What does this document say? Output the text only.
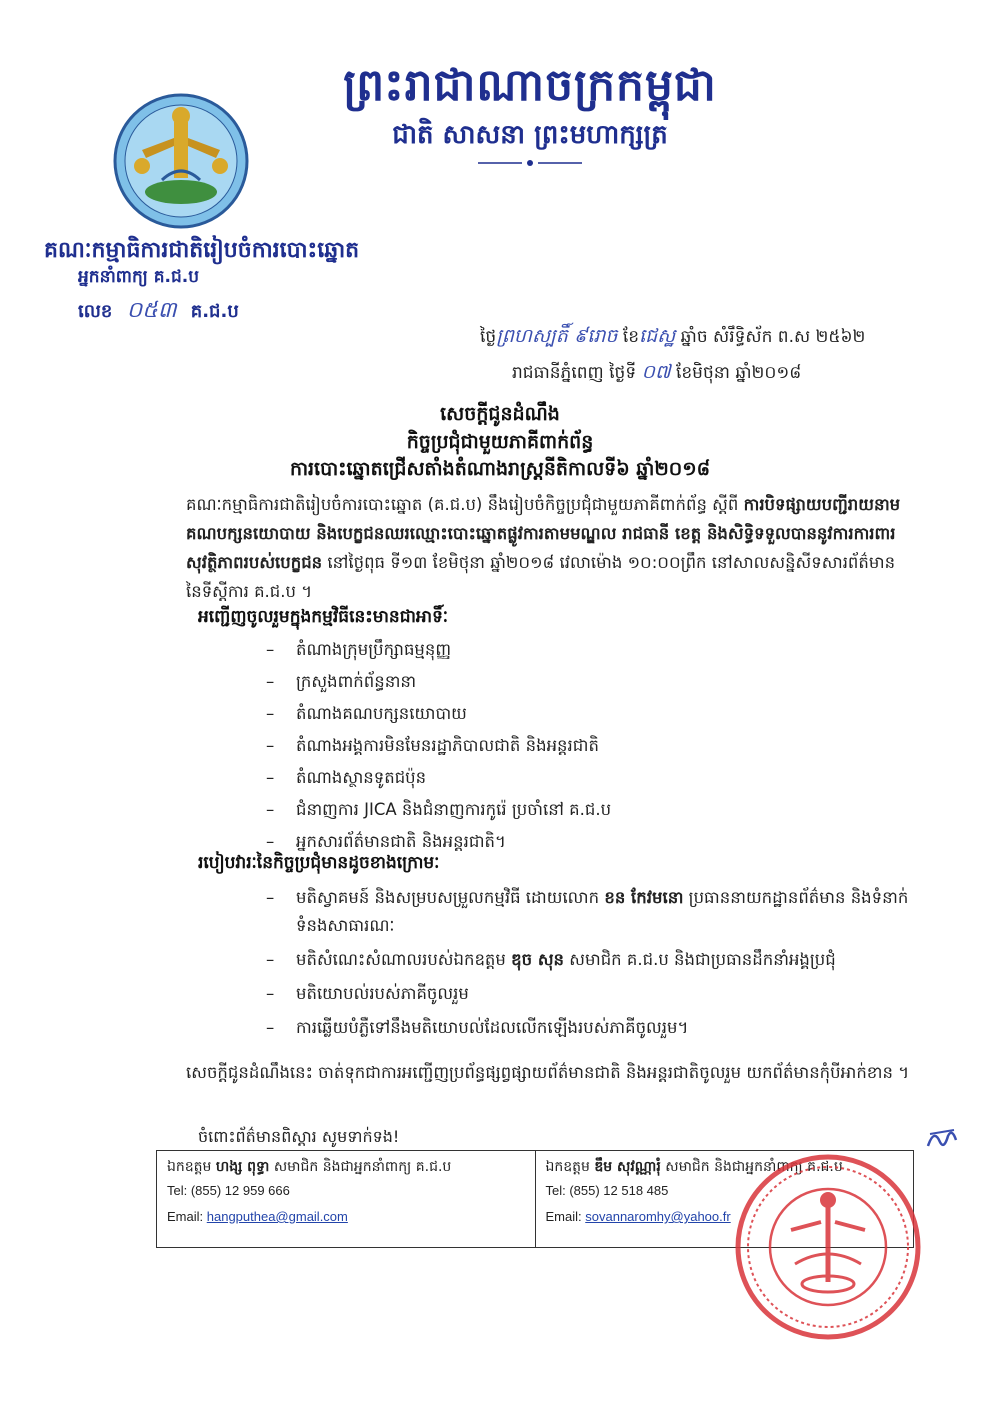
ព្រះរាជាណាចក្រកម្ពុជា
ជាតិ សាសនា ព្រះមហាក្សត្រ
គណៈកម្មាធិការជាតិរៀបចំការបោះឆ្នោត
អ្នកនាំពាក្យ គ.ជ.ប
លេខ ០៥៣ គ.ជ.ប
ថ្ងៃព្រហស្បតិ៍ ៩រោច ខែជេស្ឋ ឆ្នាំច សំរឹទ្ធិស័ក ព.ស ២៥៦២
រាជធានីភ្នំពេញ ថ្ងៃទី ០៧ ខែមិថុនា ឆ្នាំ២០១៨
សេចក្តីជូនដំណឹង
កិច្ចប្រជុំជាមួយភាគីពាក់ព័ន្ធ
ការបោះឆ្នោតជ្រើសតាំងតំណាងរាស្ត្រនីតិកាលទី៦ ឆ្នាំ២០១៨
គណៈកម្មាធិការជាតិរៀបចំការបោះឆ្នោត (គ.ជ.ប) នឹងរៀបចំកិច្ចប្រជុំជាមួយភាគីពាក់ព័ន្ធ ស្តីពី ការបិទផ្សាយបញ្ជីរាយនាមគណបក្សនយោបាយ និងបេក្ខជនឈរឈ្មោះបោះឆ្នោតផ្លូវការតាមមណ្ឌល រាជធានី ខេត្ត និងសិទ្ធិទទួលបាននូវការការពារសុវត្ថិភាពរបស់បេក្ខជន នៅថ្ងៃពុធ ទី១៣ ខែមិថុនា ឆ្នាំ២០១៨ វេលាម៉ោង ១០:០០ព្រឹក នៅសាលសន្និសីទសារព័ត៌មាន នៃទីស្តីការ គ.ជ.ប ។
អញ្ជើញចូលរួមក្នុងកម្មវិធីនេះមានជាអាទិ៍ៈ
– តំណាងក្រុមប្រឹក្សាធម្មនុញ្ញ
– ក្រសួងពាក់ព័ន្ធនានា
– តំណាងគណបក្សនយោបាយ
– តំណាងអង្គការមិនមែនរដ្ឋាភិបាលជាតិ និងអន្តរជាតិ
– តំណាងស្ថានទូតជប៉ុន
– ជំនាញការ JICA និងជំនាញការកូរ៉េ ប្រចាំនៅ គ.ជ.ប
– អ្នកសារព័ត៌មានជាតិ និងអន្តរជាតិ។
របៀបវារៈនៃកិច្ចប្រជុំមានដូចខាងក្រោមៈ
– មតិស្វាគមន៍ និងសម្របសម្រួលកម្មវិធី ដោយលោក ខន កែវមនោ ប្រធាននាយកដ្ឋានព័ត៌មាន និងទំនាក់ទំនងសាធារណៈ
– មតិសំណេះសំណាលរបស់ឯកឧត្តម ឌុច សុន សមាជិក គ.ជ.ប និងជាប្រធានដឹកនាំអង្គប្រជុំ
– មតិយោបល់របស់ភាគីចូលរួម
– ការឆ្លើយបំភ្លឺទៅនឹងមតិយោបល់ដែលលើកឡើងរបស់ភាគីចូលរួម។
សេចក្តីជូនដំណឹងនេះ ចាត់ទុកជាការអញ្ជើញប្រព័ន្ធផ្សព្វផ្សាយព័ត៌មានជាតិ និងអន្តរជាតិចូលរួម យកព័ត៌មានកុំបីអាក់ខាន ។
ចំពោះព័ត៌មានពិស្តារ សូមទាក់ទង!
ឯកឧត្តម ហង្ស ពុទ្ធា សមាជិក និងជាអ្នកនាំពាក្យ គ.ជ.ប
Tel: (855) 12 959 666
Email: hangputhea@gmail.com
ឯកឧត្តម ឌឹម សុវណ្ណារុំ សមាជិក និងជាអ្នកនាំពាក្យ គ.ជ.ប
Tel: (855) 12 518 485
Email: sovannaromhy@yahoo.fr
